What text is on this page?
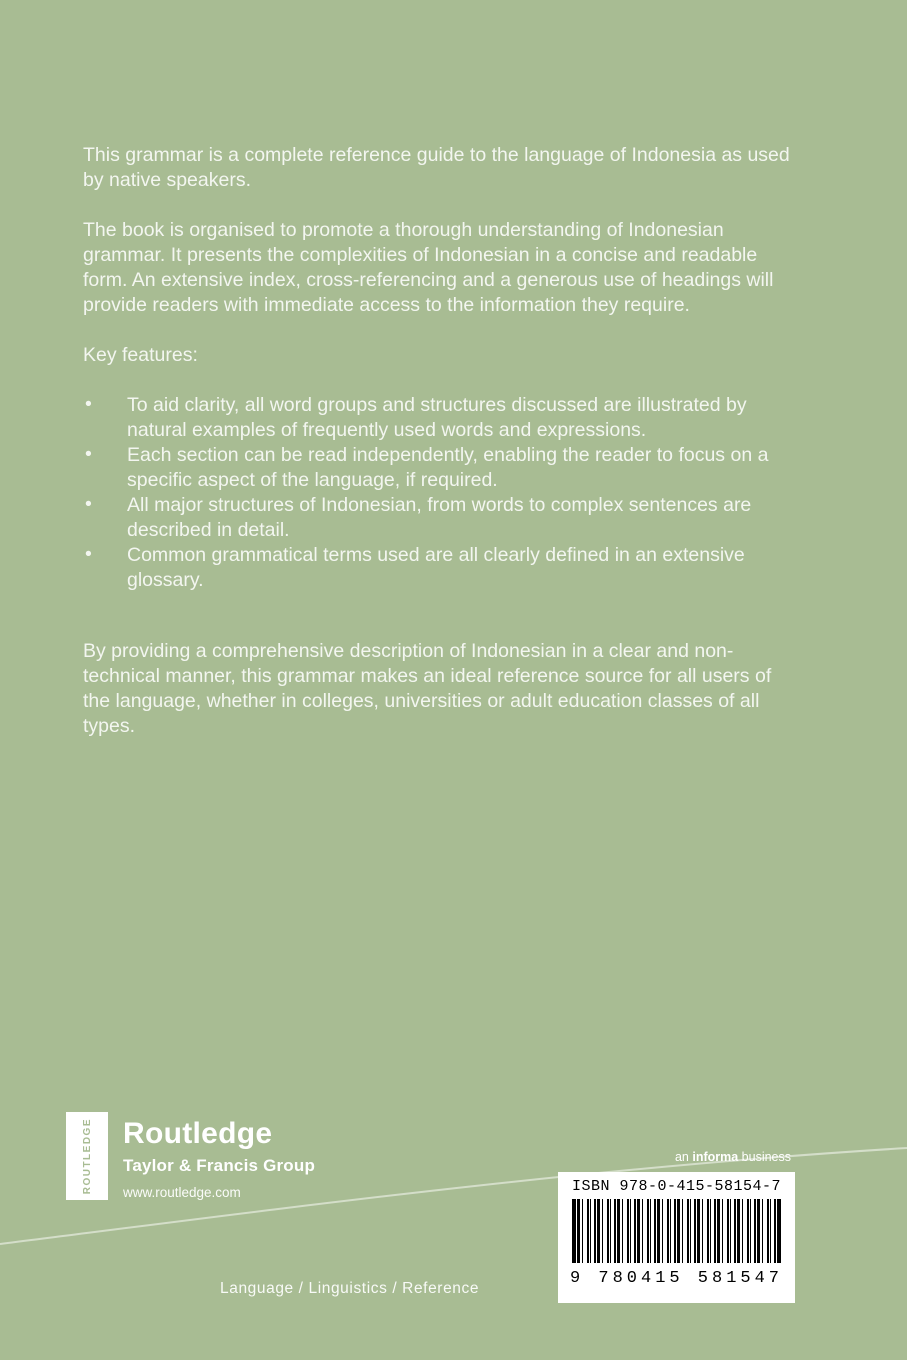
This grammar is a complete reference guide to the language of Indonesia as used by native speakers.

The book is organised to promote a thorough understanding of Indonesian grammar. It presents the complexities of Indonesian in a concise and readable form. An extensive index, cross-referencing and a generous use of headings will provide readers with immediate access to the information they require.

Key features:

• To aid clarity, all word groups and structures discussed are illustrated by natural examples of frequently used words and expressions.
• Each section can be read independently, enabling the reader to focus on a specific aspect of the language, if required.
• All major structures of Indonesian, from words to complex sentences are described in detail.
• Common grammatical terms used are all clearly defined in an extensive glossary.

By providing a comprehensive description of Indonesian in a clear and non-technical manner, this grammar makes an ideal reference source for all users of the language, whether in colleges, universities or adult education classes of all types.

ROUTLEDGE Routledge
Taylor & Francis Group
www.routledge.com
an informa business
ISBN 978-0-415-58154-7
9 780415 581547
Language / Linguistics / Reference
